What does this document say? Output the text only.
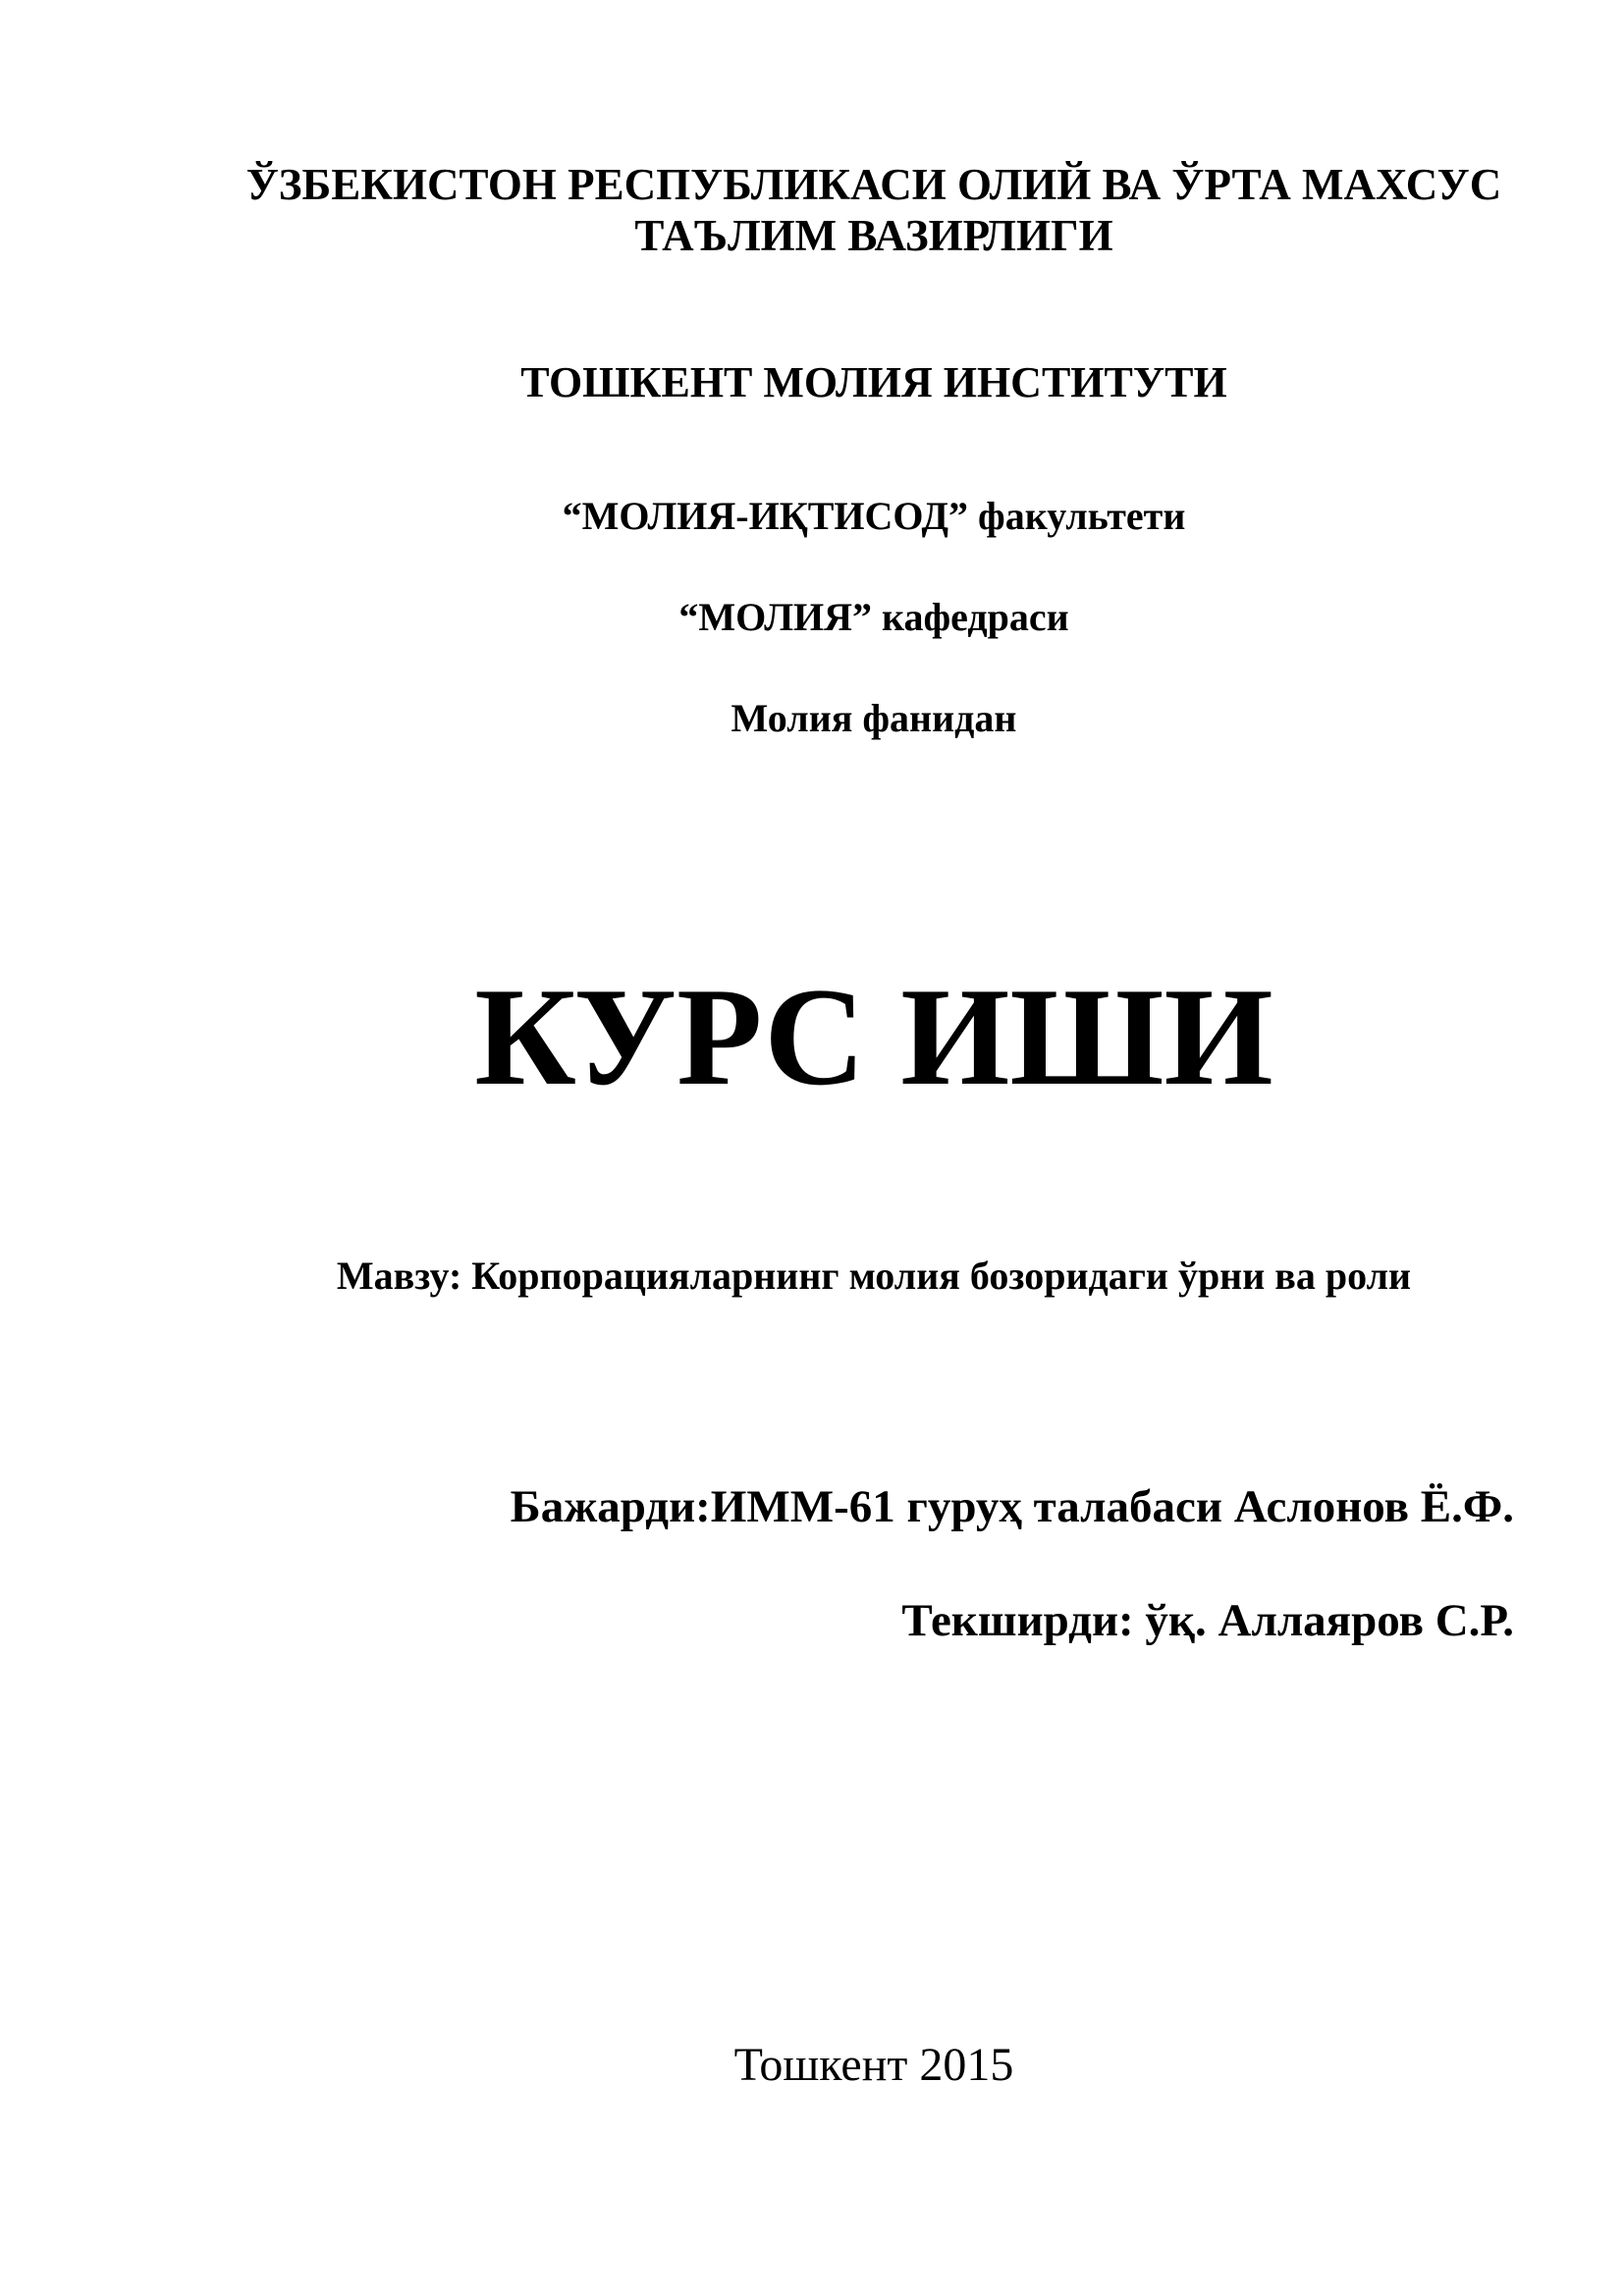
ЎЗБЕКИСТОН РЕСПУБЛИКАСИ ОЛИЙ ВА ЎРТА МАХСУС
ТАЪЛИМ ВАЗИРЛИГИ
ТОШКЕНТ МОЛИЯ ИНСТИТУТИ
“МОЛИЯ-ИҚТИСОД” факультети
“МОЛИЯ” кафедраси
Молия фанидан
КУРС ИШИ
Мавзу: Корпорацияларнинг молия бозоридаги ўрни ва роли
Бажарди:ИММ-61 гуруҳ талабаси Аслонов Ё.Ф.
Текширди: ўқ. Аллаяров С.Р.
Тошкент 2015
